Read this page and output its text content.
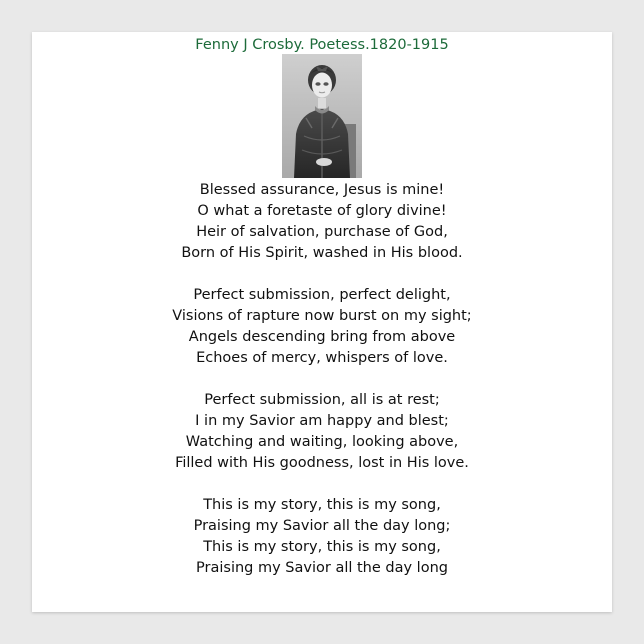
Fenny J Crosby. Poetess.1820-1915
Blessed assurance, Jesus is mine!
O what a foretaste of glory divine!
Heir of salvation, purchase of God,
Born of His Spirit, washed in His blood.
Perfect submission, perfect delight,
Visions of rapture now burst on my sight;
Angels descending bring from above
Echoes of mercy, whispers of love.
Perfect submission, all is at rest;
I in my Savior am happy and blest;
Watching and waiting, looking above,
Filled with His goodness, lost in His love.
This is my story, this is my song,
Praising my Savior all the day long;
This is my story, this is my song,
Praising my Savior all the day long
